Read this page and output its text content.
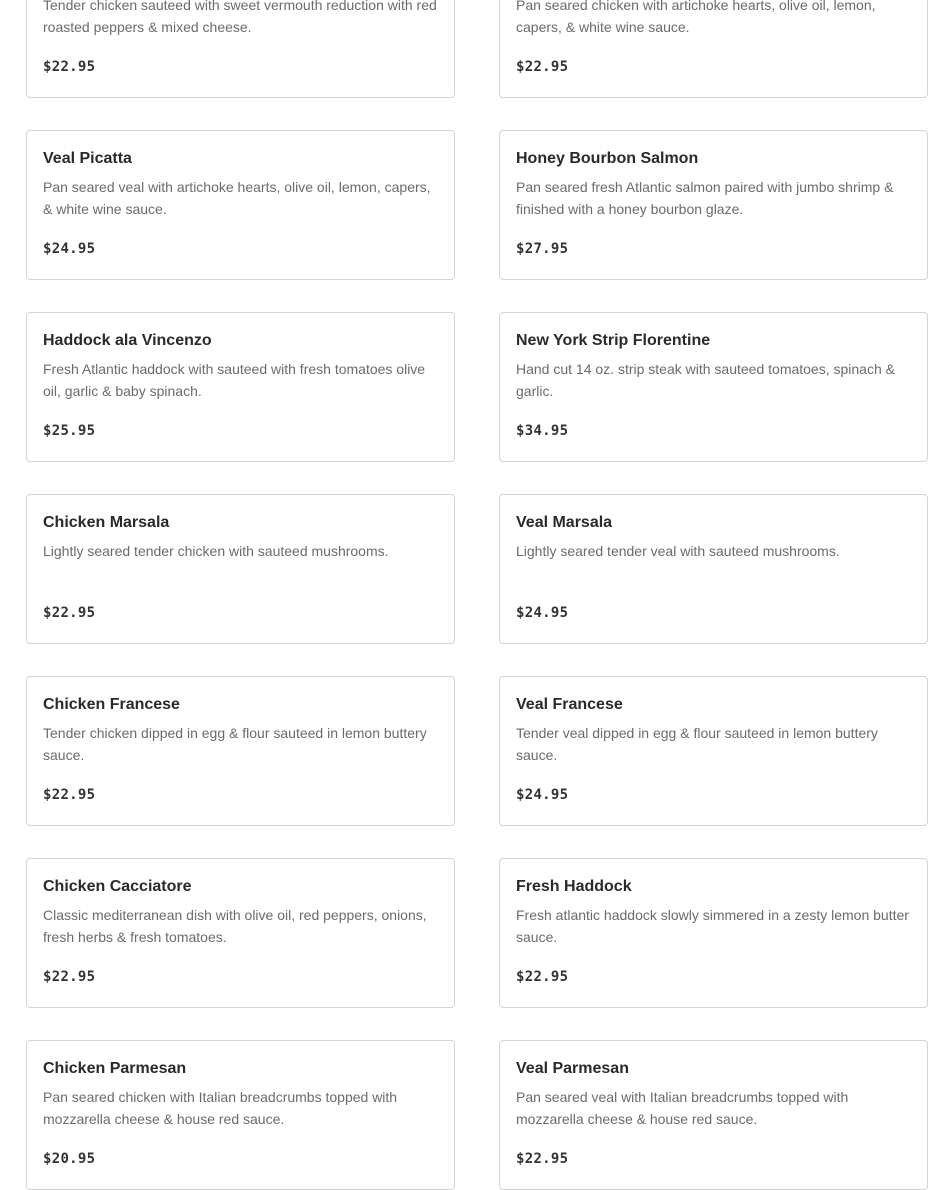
Tender chicken sauteed with sweet vermouth reduction with red roasted peppers & mixed cheese.
$22.95
Pan seared chicken with artichoke hearts, olive oil, lemon, capers, & white wine sauce.
$22.95
Veal Picatta
Pan seared veal with artichoke hearts, olive oil, lemon, capers, & white wine sauce.
$24.95
Honey Bourbon Salmon
Pan seared fresh Atlantic salmon paired with jumbo shrimp & finished with a honey bourbon glaze.
$27.95
Haddock ala Vincenzo
Fresh Atlantic haddock with sauteed with fresh tomatoes olive oil, garlic & baby spinach.
$25.95
New York Strip Florentine
Hand cut 14 oz. strip steak with sauteed tomatoes, spinach & garlic.
$34.95
Chicken Marsala
Lightly seared tender chicken with sauteed mushrooms.
$22.95
Veal Marsala
Lightly seared tender veal with sauteed mushrooms.
$24.95
Chicken Francese
Tender chicken dipped in egg & flour sauteed in lemon buttery sauce.
$22.95
Veal Francese
Tender veal dipped in egg & flour sauteed in lemon buttery sauce.
$24.95
Chicken Cacciatore
Classic mediterranean dish with olive oil, red peppers, onions, fresh herbs & fresh tomatoes.
$22.95
Fresh Haddock
Fresh atlantic haddock slowly simmered in a zesty lemon butter sauce.
$22.95
Chicken Parmesan
Pan seared chicken with Italian breadcrumbs topped with mozzarella cheese & house red sauce.
$20.95
Veal Parmesan
Pan seared veal with Italian breadcrumbs topped with mozzarella cheese & house red sauce.
$22.95
